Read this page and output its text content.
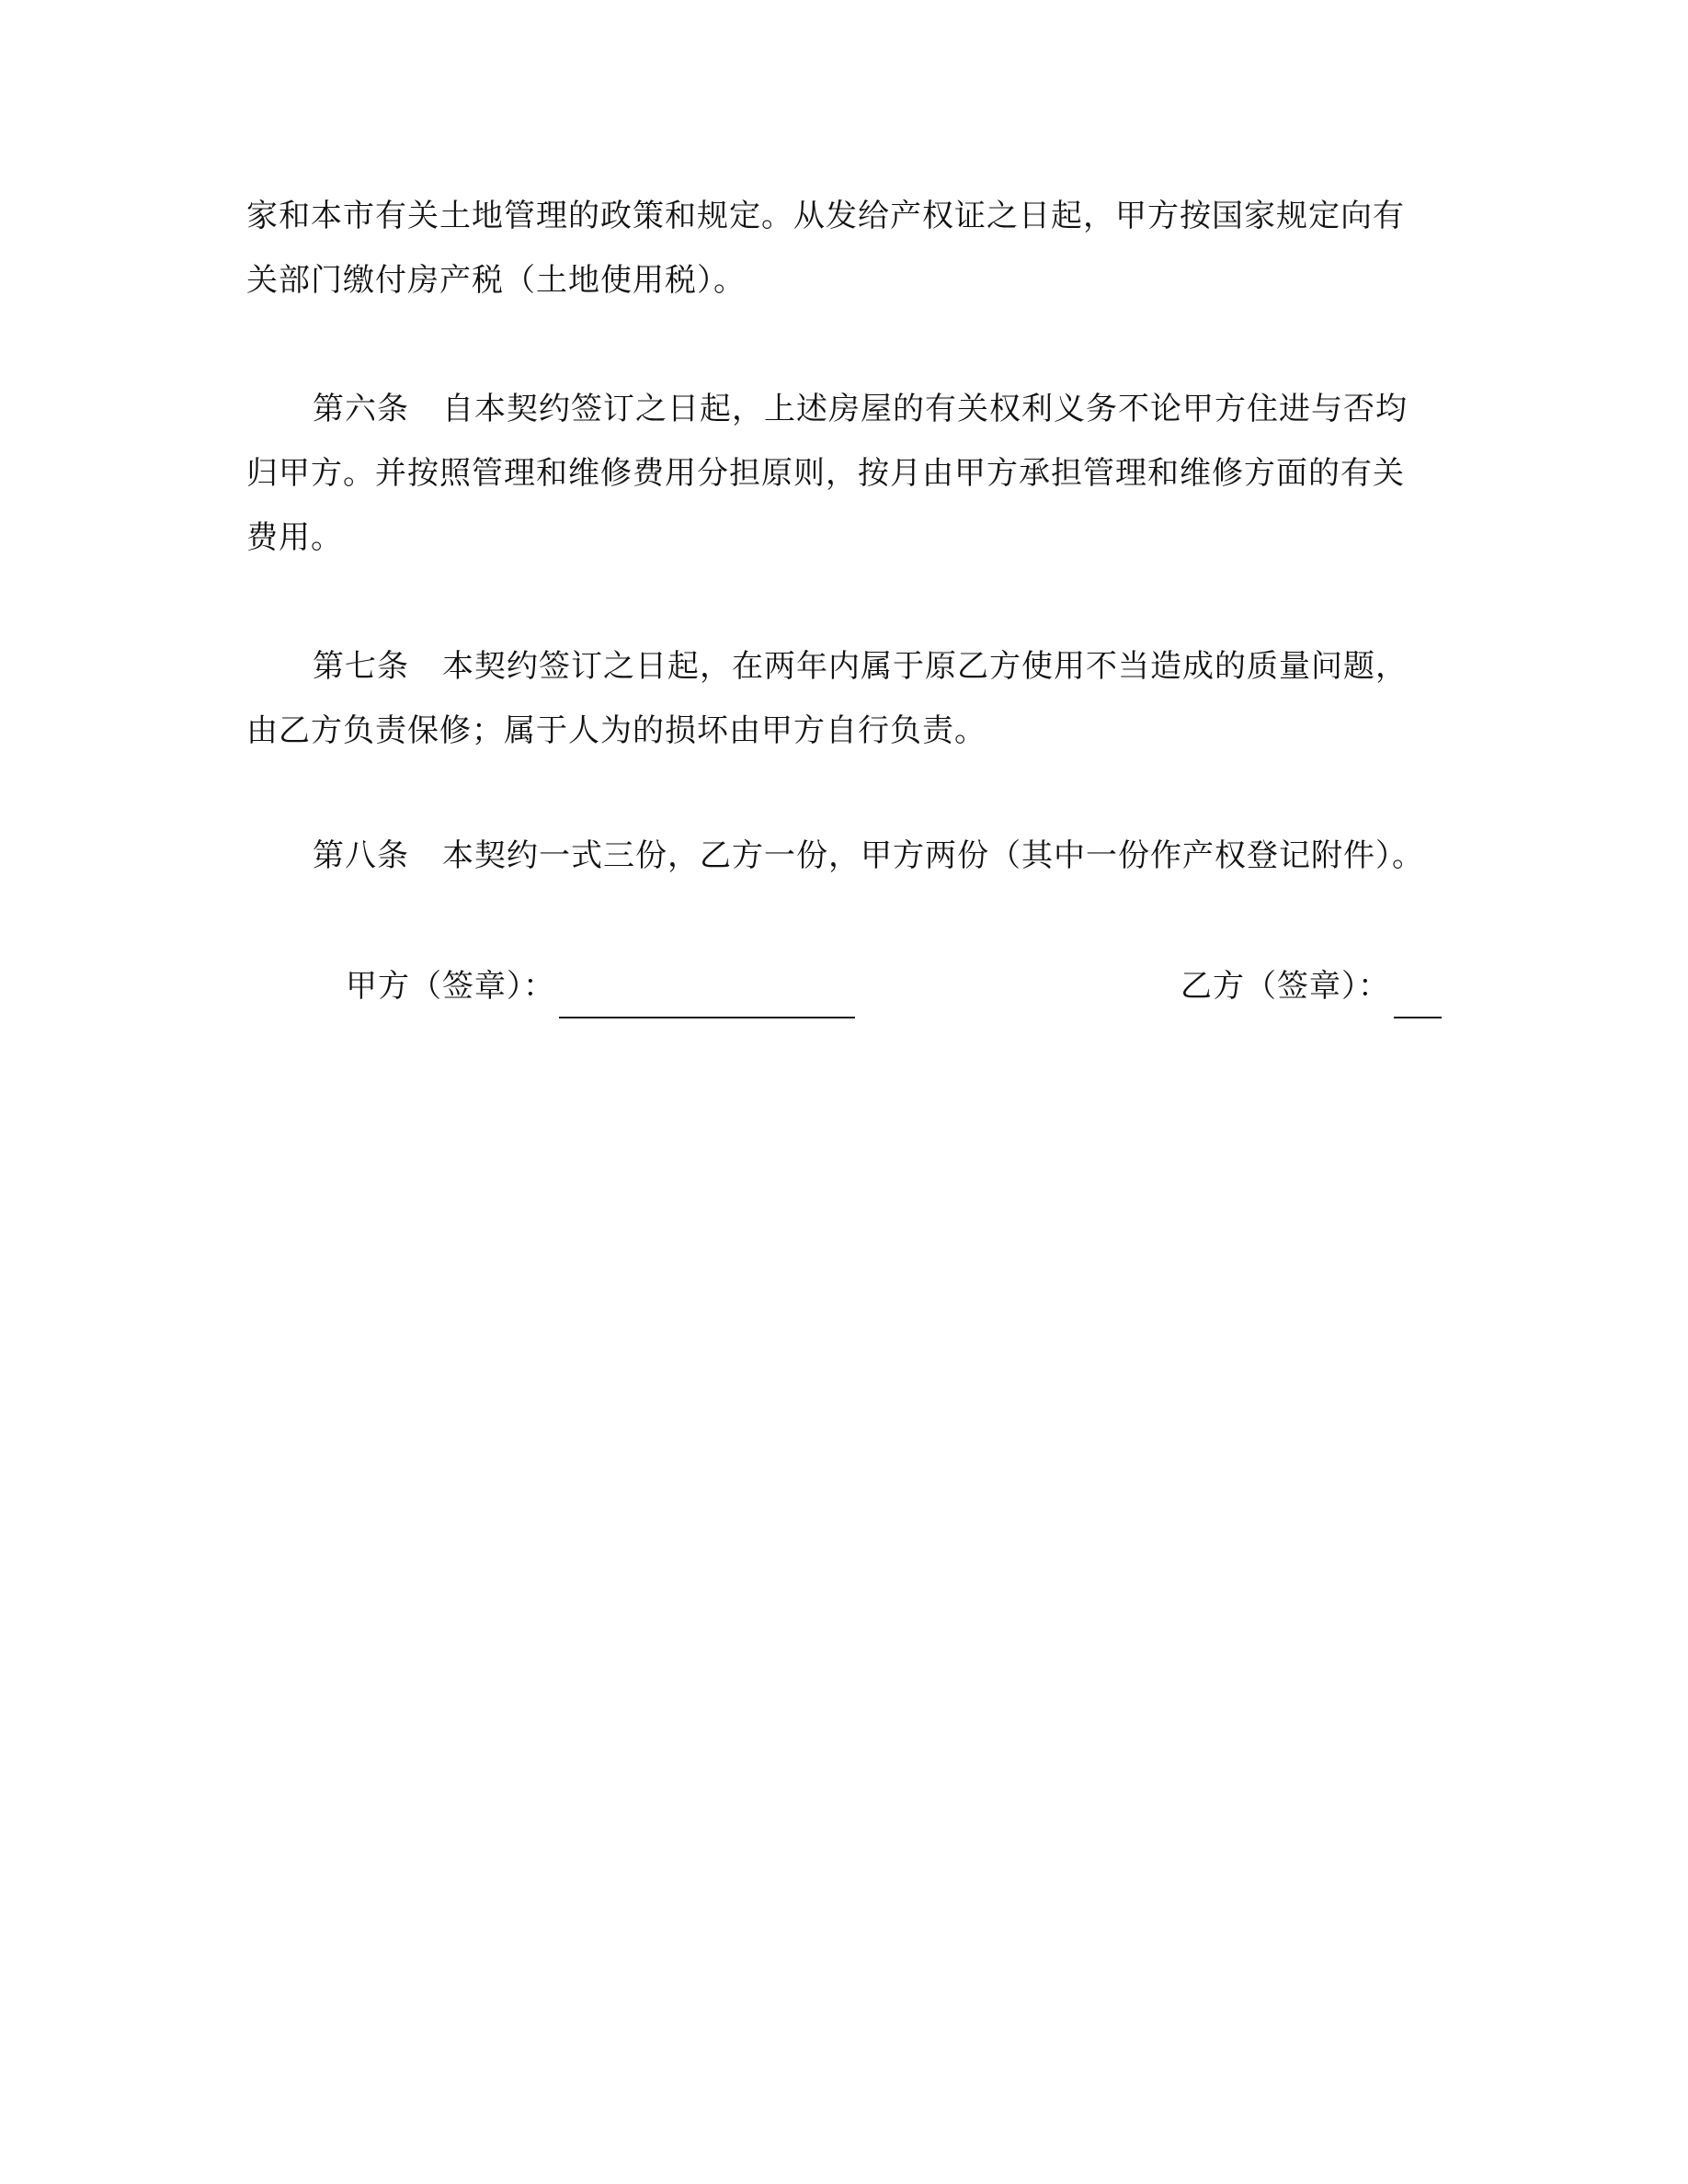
家和本市有关土地管理的政策和规定。从发给产权证之日起，甲方按国家规定向有
关部门缴付房产税（土地使用税）。
第六条 自本契约签订之日起，上述房屋的有关权利义务不论甲方住进与否均
归甲方。并按照管理和维修费用分担原则，按月由甲方承担管理和维修方面的有关
费用。
第七条 本契约签订之日起，在两年内属于原乙方使用不当造成的质量问题，
由乙方负责保修；属于人为的损坏由甲方自行负责。
第八条 本契约一式三份，乙方一份，甲方两份（其中一份作产权登记附件）。
甲方（签章）：	乙方（签章）：
